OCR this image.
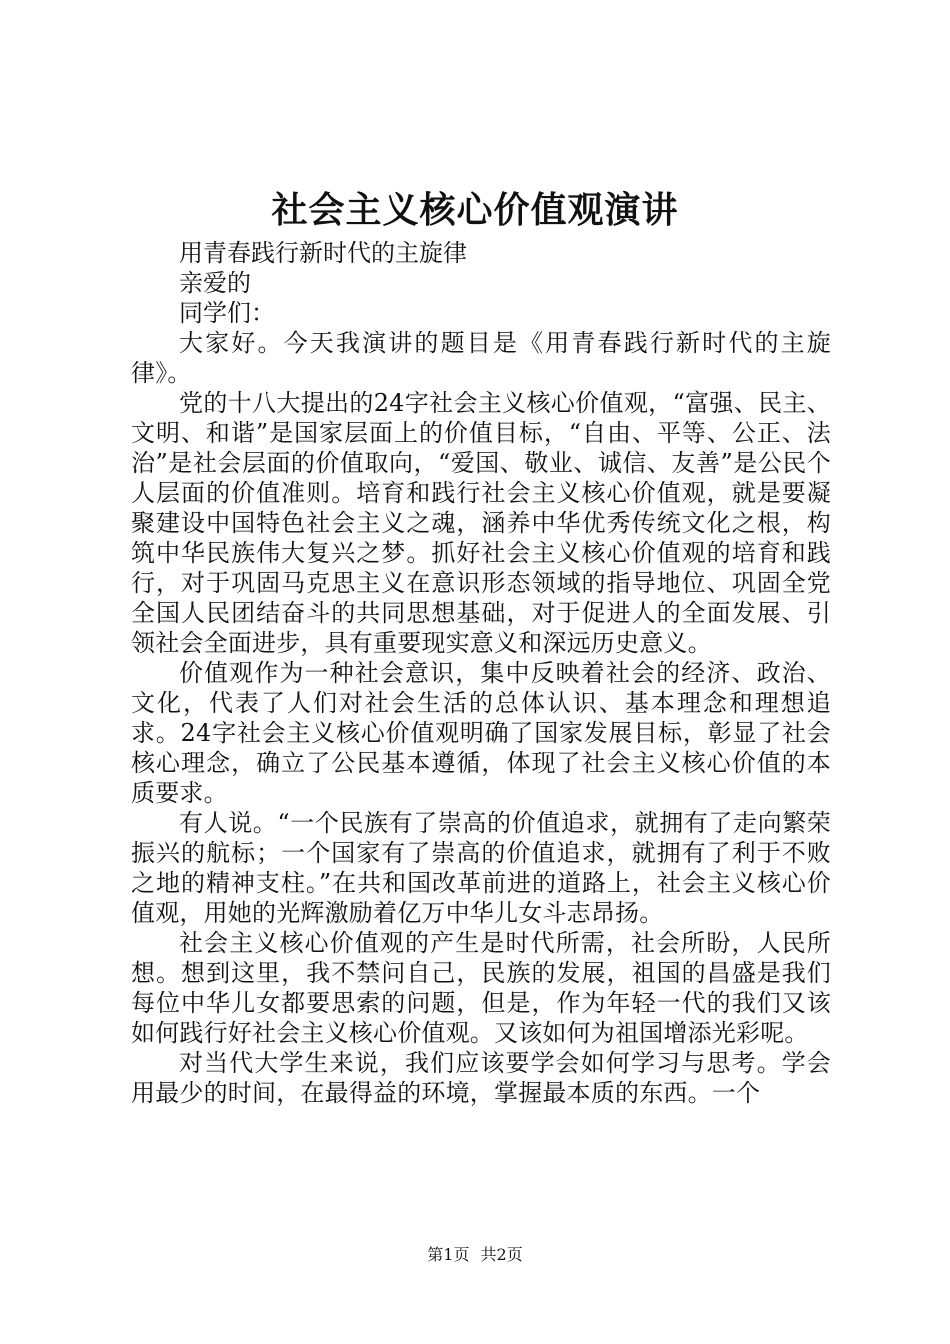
社会主义核心价值观演讲

用青春践行新时代的主旋律

亲爱的

同学们：

大家好。今天我演讲的题目是《用青春践行新时代的主旋律》。

党的十八大提出的24字社会主义核心价值观，“富强、民主、文明、和谐”是国家层面上的价值目标，“自由、平等、公正、法治”是社会层面的价值取向，“爱国、敬业、诚信、友善”是公民个人层面的价值准则。培育和践行社会主义核心价值观，就是要凝聚建设中国特色社会主义之魂，涵养中华优秀传统文化之根，构筑中华民族伟大复兴之梦。抓好社会主义核心价值观的培育和践行，对于巩固马克思主义在意识形态领域的指导地位、巩固全党全国人民团结奋斗的共同思想基础，对于促进人的全面发展、引领社会全面进步，具有重要现实意义和深远历史意义。

价值观作为一种社会意识，集中反映着社会的经济、政治、文化，代表了人们对社会生活的总体认识、基本理念和理想追求。24字社会主义核心价值观明确了国家发展目标，彰显了社会核心理念，确立了公民基本遵循，体现了社会主义核心价值的本质要求。

有人说。“一个民族有了崇高的价值追求，就拥有了走向繁荣振兴的航标；一个国家有了崇高的价值追求，就拥有了利于不败之地的精神支柱。”在共和国改革前进的道路上，社会主义核心价值观，用她的光辉激励着亿万中华儿女斗志昂扬。

社会主义核心价值观的产生是时代所需，社会所盼，人民所想。想到这里，我不禁问自己，民族的发展，祖国的昌盛是我们每位中华儿女都要思索的问题，但是，作为年轻一代的我们又该如何践行好社会主义核心价值观。又该如何为祖国增添光彩呢。

对当代大学生来说，我们应该要学会如何学习与思考。学会用最少的时间，在最得益的环境，掌握最本质的东西。一个

第1页 共2页
